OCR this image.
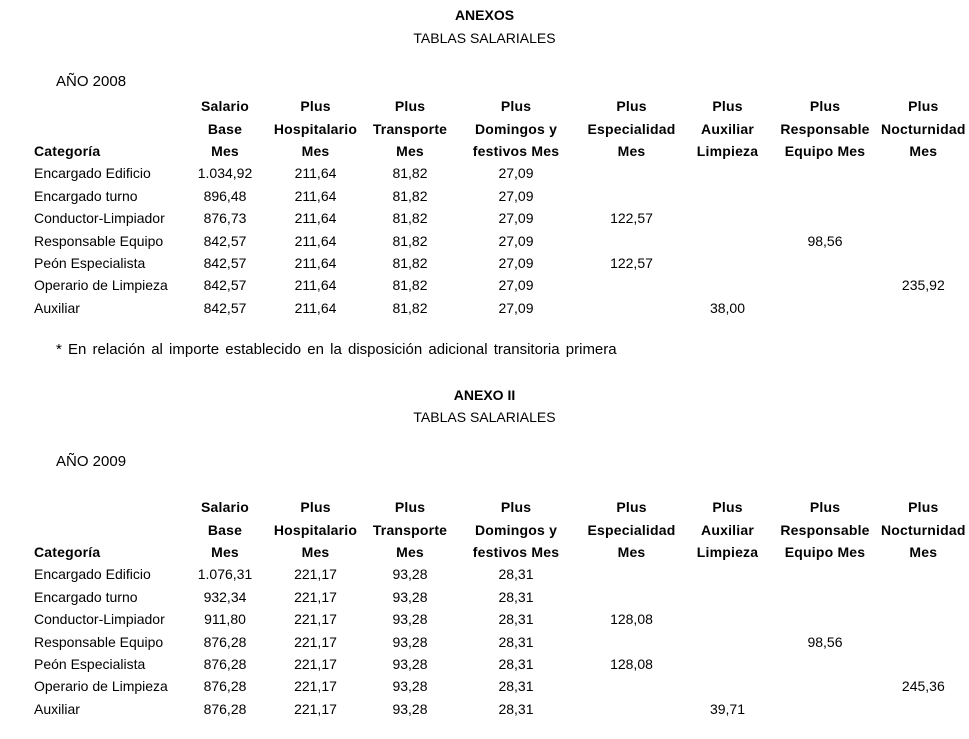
ANEXOS
TABLAS SALARIALES
AÑO 2008
	Salario	Plus	Plus	Plus	Plus	Plus	Plus	Plus
	Base	Hospitalario	Transporte	Domingos y	Especialidad	Auxiliar	Responsable	Nocturnidad
Categoría	Mes	Mes	Mes	festivos Mes	Mes	Limpieza	Equipo Mes	Mes
Encargado Edificio	1.034,92	211,64	81,82	27,09				
Encargado turno	896,48	211,64	81,82	27,09				
Conductor-Limpiador	876,73	211,64	81,82	27,09	122,57			
Responsable Equipo	842,57	211,64	81,82	27,09			98,56	
Peón Especialista	842,57	211,64	81,82	27,09	122,57			
Operario de Limpieza	842,57	211,64	81,82	27,09				235,92
Auxiliar	842,57	211,64	81,82	27,09		38,00		
* En relación al importe establecido en la disposición adicional transitoria primera
ANEXO II
TABLAS SALARIALES
AÑO 2009
	Salario	Plus	Plus	Plus	Plus	Plus	Plus	Plus
	Base	Hospitalario	Transporte	Domingos y	Especialidad	Auxiliar	Responsable	Nocturnidad
Categoría	Mes	Mes	Mes	festivos Mes	Mes	Limpieza	Equipo Mes	Mes
Encargado Edificio	1.076,31	221,17	93,28	28,31				
Encargado turno	932,34	221,17	93,28	28,31				
Conductor-Limpiador	911,80	221,17	93,28	28,31	128,08			
Responsable Equipo	876,28	221,17	93,28	28,31			98,56	
Peón Especialista	876,28	221,17	93,28	28,31	128,08			
Operario de Limpieza	876,28	221,17	93,28	28,31				245,36
Auxiliar	876,28	221,17	93,28	28,31		39,71		
